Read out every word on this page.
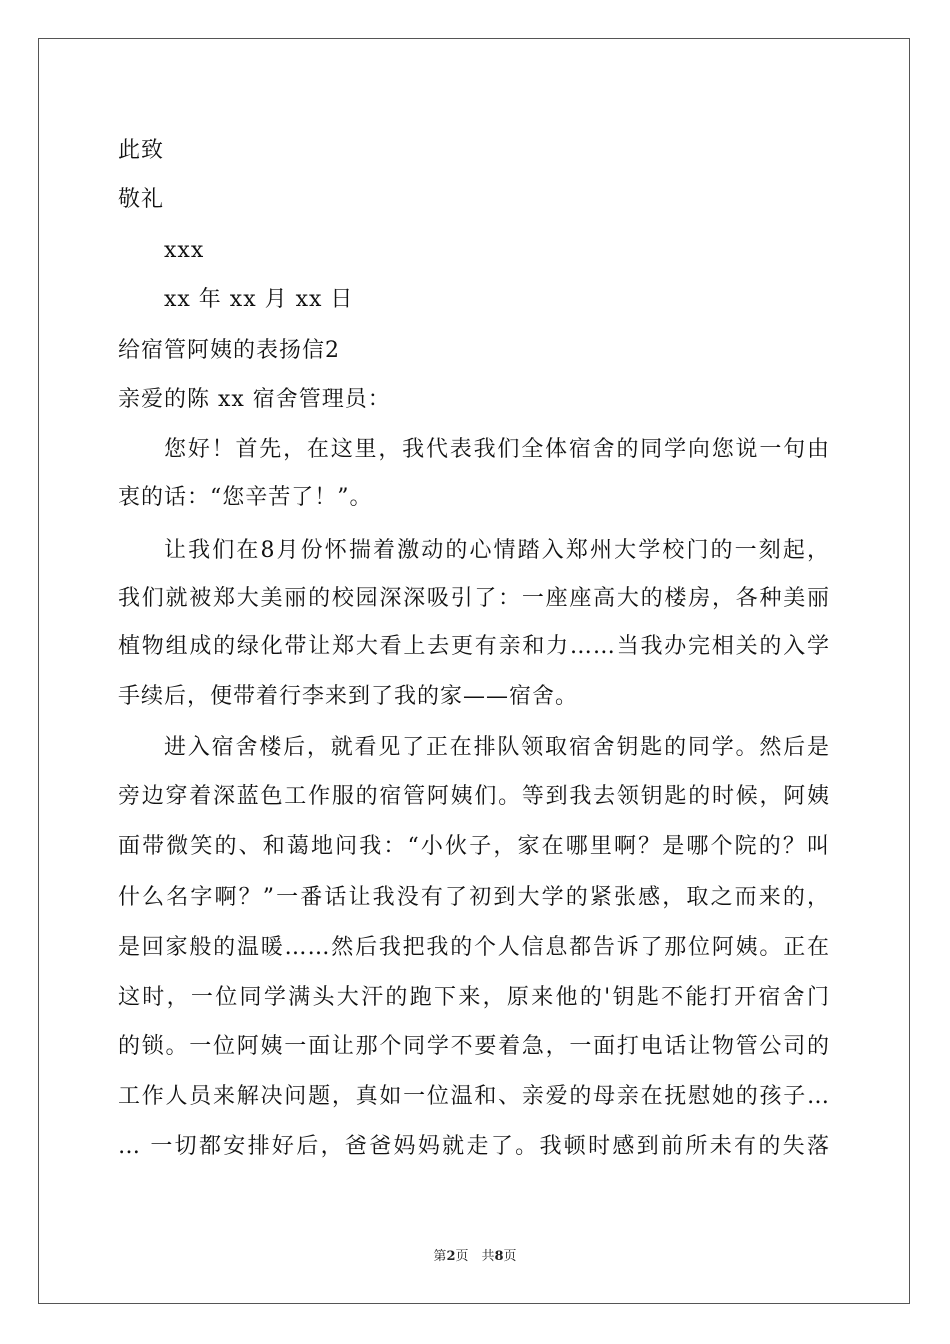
此致
敬礼
xxx
xx 年 xx 月 xx 日
给宿管阿姨的表扬信2
亲爱的陈 xx 宿舍管理员：
您好！首先，在这里，我代表我们全体宿舍的同学向您说一句由
衷的话：“您辛苦了！”。
让我们在8月份怀揣着激动的心情踏入郑州大学校门的一刻起，
我们就被郑大美丽的校园深深吸引了：一座座高大的楼房，各种美丽
植物组成的绿化带让郑大看上去更有亲和力……当我办完相关的入学
手续后，便带着行李来到了我的家——宿舍。
进入宿舍楼后，就看见了正在排队领取宿舍钥匙的同学。然后是
旁边穿着深蓝色工作服的宿管阿姨们。等到我去领钥匙的时候，阿姨
面带微笑的、和蔼地问我：“小伙子，家在哪里啊？是哪个院的？叫
什么名字啊？”一番话让我没有了初到大学的紧张感，取之而来的，
是回家般的温暖……然后我把我的个人信息都告诉了那位阿姨。正在
这时，一位同学满头大汗的跑下来，原来他的'钥匙不能打开宿舍门
的锁。一位阿姨一面让那个同学不要着急，一面打电话让物管公司的
工作人员来解决问题，真如一位温和、亲爱的母亲在抚慰她的孩子…
… 一切都安排好后，爸爸妈妈就走了。我顿时感到前所未有的失落
第2页　共8页
